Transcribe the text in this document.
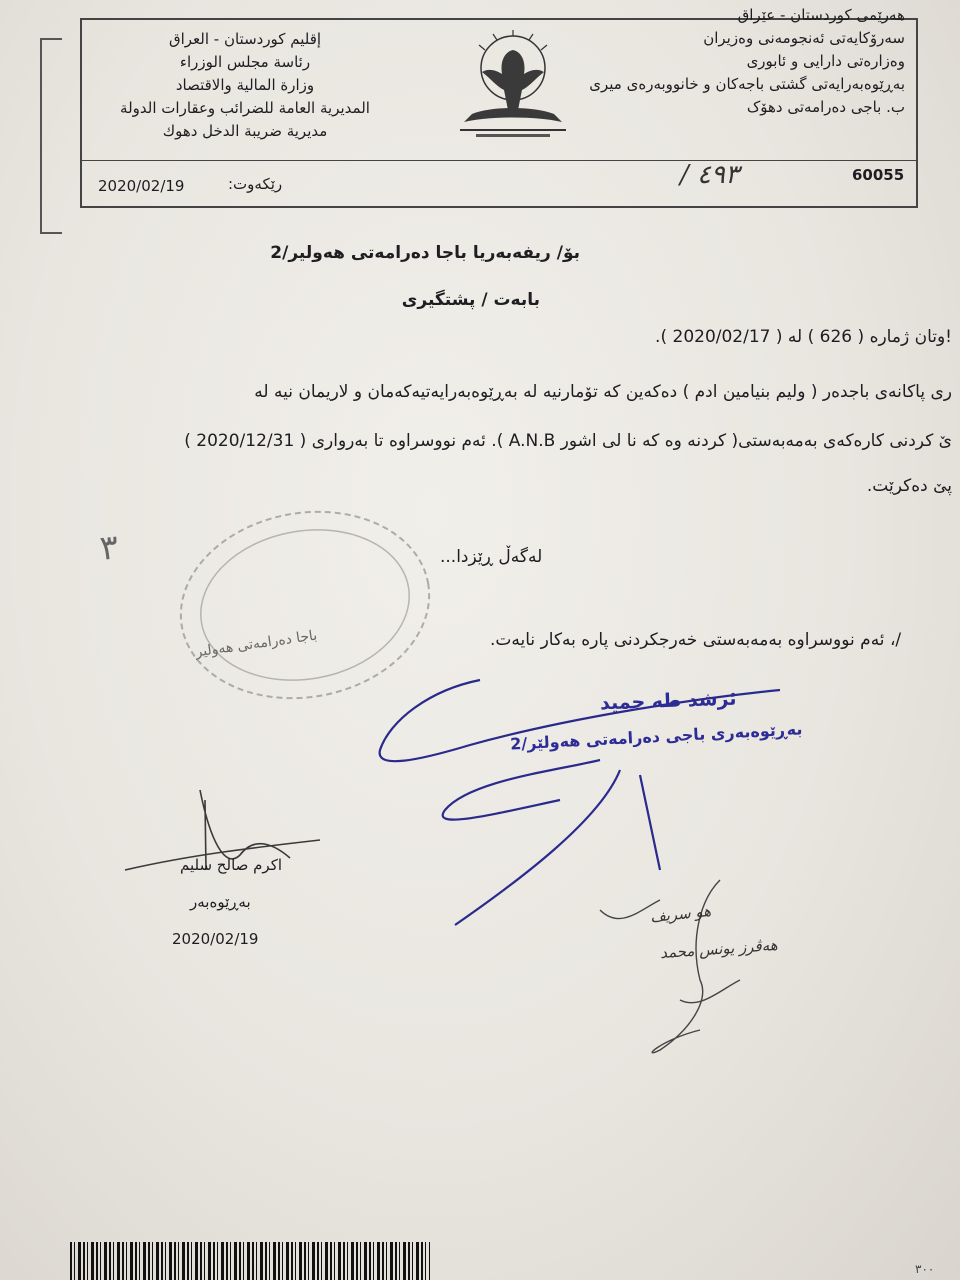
إقليم كوردستان - العراق
رئاسة مجلس الوزراء
وزارة المالية والاقتصاد
المديرية العامة للضرائب وعقارات الدولة
مديرية ضريبة الدخل دهوك
هەرێمی کوردستان - عێراق
سەرۆکایەتی ئەنجومەنی وەزیران
وەزارەتی دارایی و ئابوری
بەڕێوەبەرایەتی گشتی باجەکان و خانووبەرەی میری
ب. باجی دەرامەتی دهۆک
60055
٤٩٣ /
رێکەوت:
2020/02/19
بۆ/ ریفەبەریا باجا دەرامەتی هەولیر/2
بابەت / پشتگیری
!وتان ژمارە ( 626 ) لە ( 2020/02/17 ).
ری پاکانەی باجدەر ( ولیم بنیامین ادم ) دەکەین کە تۆمارنیە لە بەڕێوەبەرایەتیەکەمان و لاریمان نیە لە
ێ کردنی کارەکەی بەمەبەستی( کردنە وە کە نا لی اشور A.N.B ). ئەم نووسراوە تا بەرواری ( 2020/12/31 )
پێ دەکرێت.
لەگەڵ ڕێزدا...
/، ئەم نووسراوە بەمەبەستی خەرجکردنی پارە بەکار نایەت.
٣
باجا دەرامەتی هەولیر
ئرشد طه حميد
بەڕێوەبەری باجی دەرامەتی هەولێر/2
هو سريف
هەڤرز يونس محمد
اكرم صالح سليم
بەڕێوەبەر
2020/02/19
٣٠٠
